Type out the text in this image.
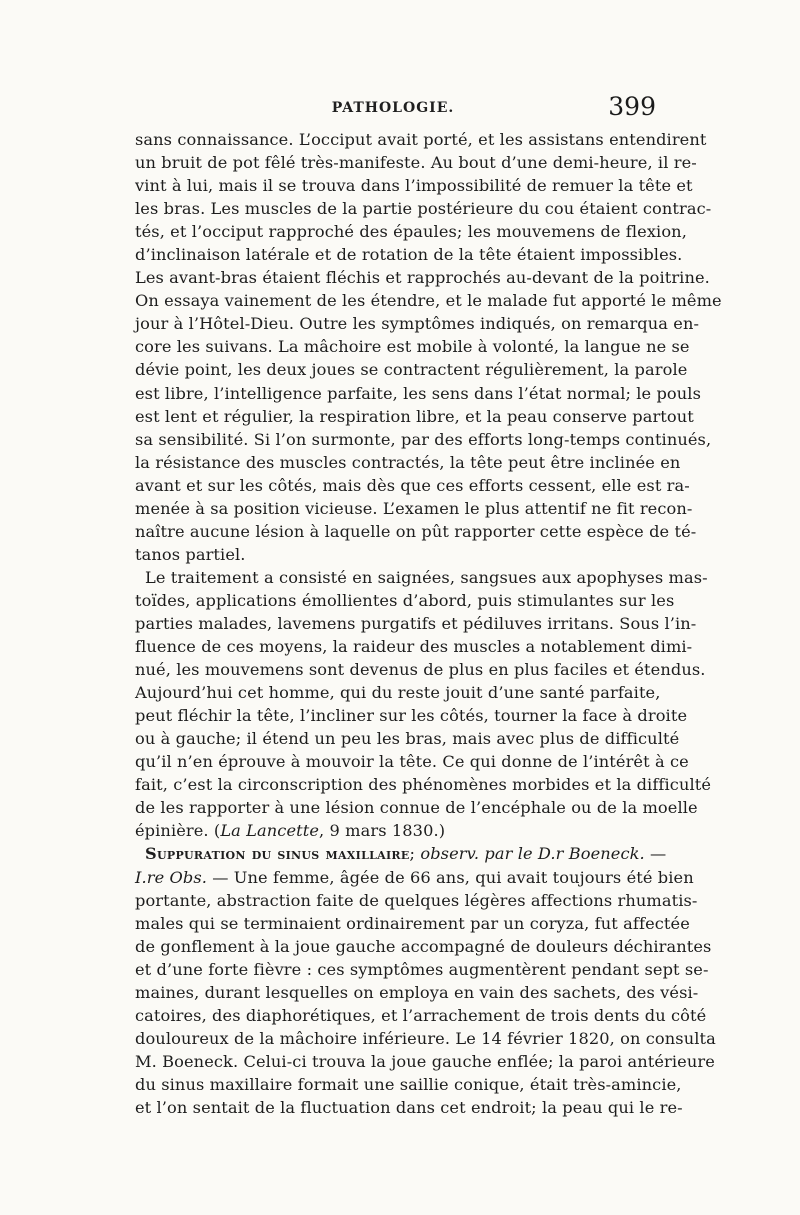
PATHOLOGIE.	399
sans connaissance. L’occiput avait porté, et les assistans entendirent
un bruit de pot fêlé très-manifeste. Au bout d’une demi-heure, il re-
vint à lui, mais il se trouva dans l’impossibilité de remuer la tête et
les bras. Les muscles de la partie postérieure du cou étaient contrac-
tés, et l’occiput rapproché des épaules; les mouvemens de flexion,
d’inclinaison latérale et de rotation de la tête étaient impossibles.
Les avant-bras étaient fléchis et rapprochés au-devant de la poitrine.
On essaya vainement de les étendre, et le malade fut apporté le même
jour à l’Hôtel-Dieu. Outre les symptômes indiqués, on remarqua en-
core les suivans. La mâchoire est mobile à volonté, la langue ne se
dévie point, les deux joues se contractent régulièrement, la parole
est libre, l’intelligence parfaite, les sens dans l’état normal; le pouls
est lent et régulier, la respiration libre, et la peau conserve partout
sa sensibilité. Si l’on surmonte, par des efforts long-temps continués,
la résistance des muscles contractés, la tête peut être inclinée en
avant et sur les côtés, mais dès que ces efforts cessent, elle est ra-
menée à sa position vicieuse. L’examen le plus attentif ne fit recon-
naître aucune lésion à laquelle on pût rapporter cette espèce de té-
tanos partiel.
Le traitement a consisté en saignées, sangsues aux apophyses mas-
toïdes, applications émollientes d’abord, puis stimulantes sur les
parties malades, lavemens purgatifs et pédiluves irritans. Sous l’in-
fluence de ces moyens, la raideur des muscles a notablement dimi-
nué, les mouvemens sont devenus de plus en plus faciles et étendus.
Aujourd’hui cet homme, qui du reste jouit d’une santé parfaite,
peut fléchir la tête, l’incliner sur les côtés, tourner la face à droite
ou à gauche; il étend un peu les bras, mais avec plus de difficulté
qu’il n’en éprouve à mouvoir la tête. Ce qui donne de l’intérêt à ce
fait, c’est la circonscription des phénomènes morbides et la difficulté
de les rapporter à une lésion connue de l’encéphale ou de la moelle
épinière. (La Lancette, 9 mars 1830.)
Suppuration du sinus maxillaire; observ. par le D.r Boeneck. —
I.re Obs. — Une femme, âgée de 66 ans, qui avait toujours été bien
portante, abstraction faite de quelques légères affections rhumatis-
males qui se terminaient ordinairement par un coryza, fut affectée
de gonflement à la joue gauche accompagné de douleurs déchirantes
et d’une forte fièvre : ces symptômes augmentèrent pendant sept se-
maines, durant lesquelles on employa en vain des sachets, des vési-
catoires, des diaphorétiques, et l’arrachement de trois dents du côté
douloureux de la mâchoire inférieure. Le 14 février 1820, on consulta
M. Boeneck. Celui-ci trouva la joue gauche enflée; la paroi antérieure
du sinus maxillaire formait une saillie conique, était très-amincie,
et l’on sentait de la fluctuation dans cet endroit; la peau qui le re-
